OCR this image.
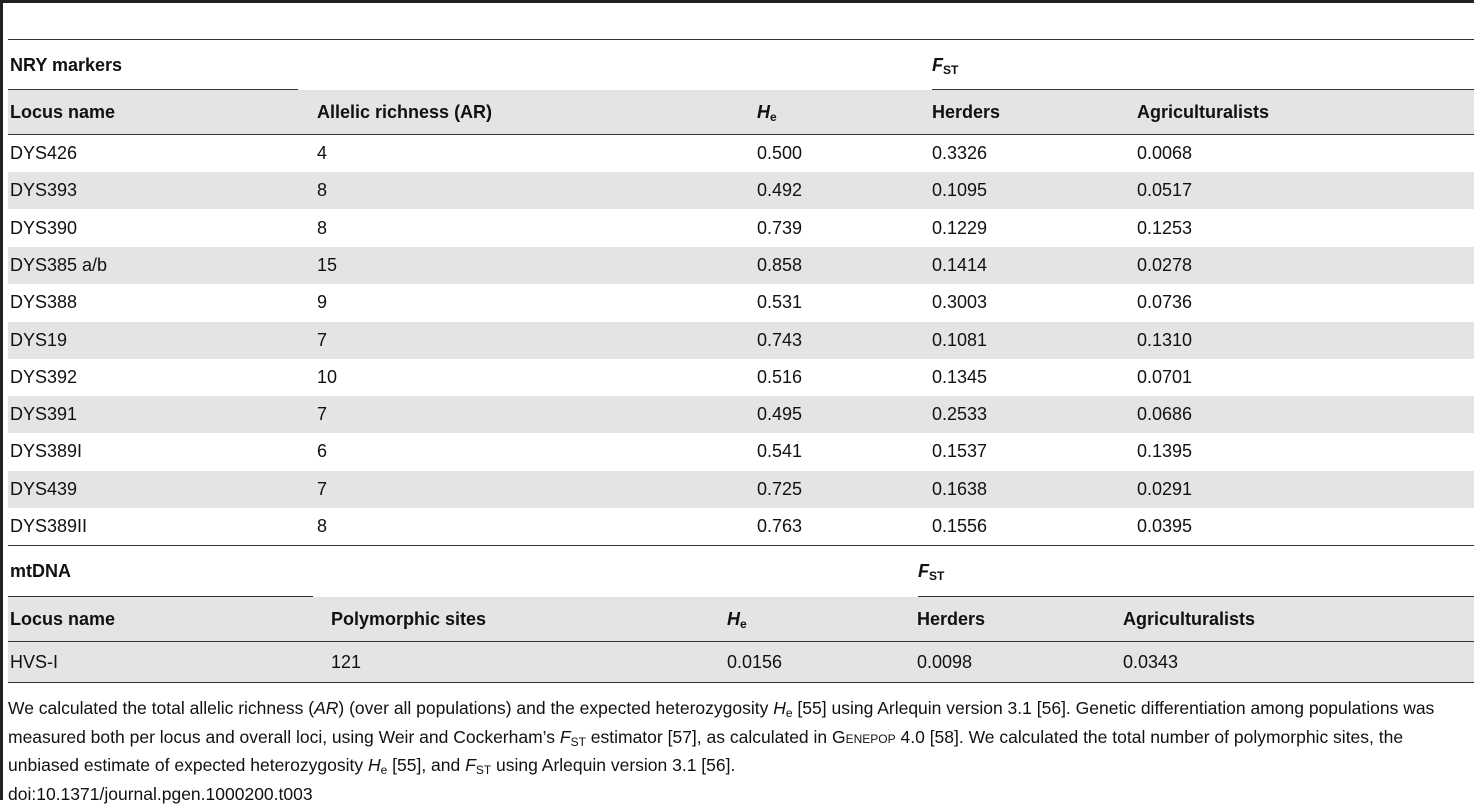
NRY markers	$F_{ST}$
Locus name	Allelic richness (AR)	$H_e$	Herders	Agriculturalists
DYS426	4	0.500	0.3326	0.0068
DYS393	8	0.492	0.1095	0.0517
DYS390	8	0.739	0.1229	0.1253
DYS385 a/b	15	0.858	0.1414	0.0278
DYS388	9	0.531	0.3003	0.0736
DYS19	7	0.743	0.1081	0.1310
DYS392	10	0.516	0.1345	0.0701
DYS391	7	0.495	0.2533	0.0686
DYS389I	6	0.541	0.1537	0.1395
DYS439	7	0.725	0.1638	0.0291
DYS389II	8	0.763	0.1556	0.0395
mtDNA	$F_{ST}$
Locus name	Polymorphic sites	$H_e$	Herders	Agriculturalists
HVS-I	121	0.0156	0.0098	0.0343

We calculated the total allelic richness (AR) (over all populations) and the expected heterozygosity $H_e$ [55] using Arlequin version 3.1 [56]. Genetic differentiation among populations was measured both per locus and overall loci, using Weir and Cockerham’s $F_{ST}$ estimator [57], as calculated in Genepop 4.0 [58]. We calculated the total number of polymorphic sites, the unbiased estimate of expected heterozygosity $H_e$ [55], and $F_{ST}$ using Arlequin version 3.1 [56].

doi:10.1371/journal.pgen.1000200.t003
